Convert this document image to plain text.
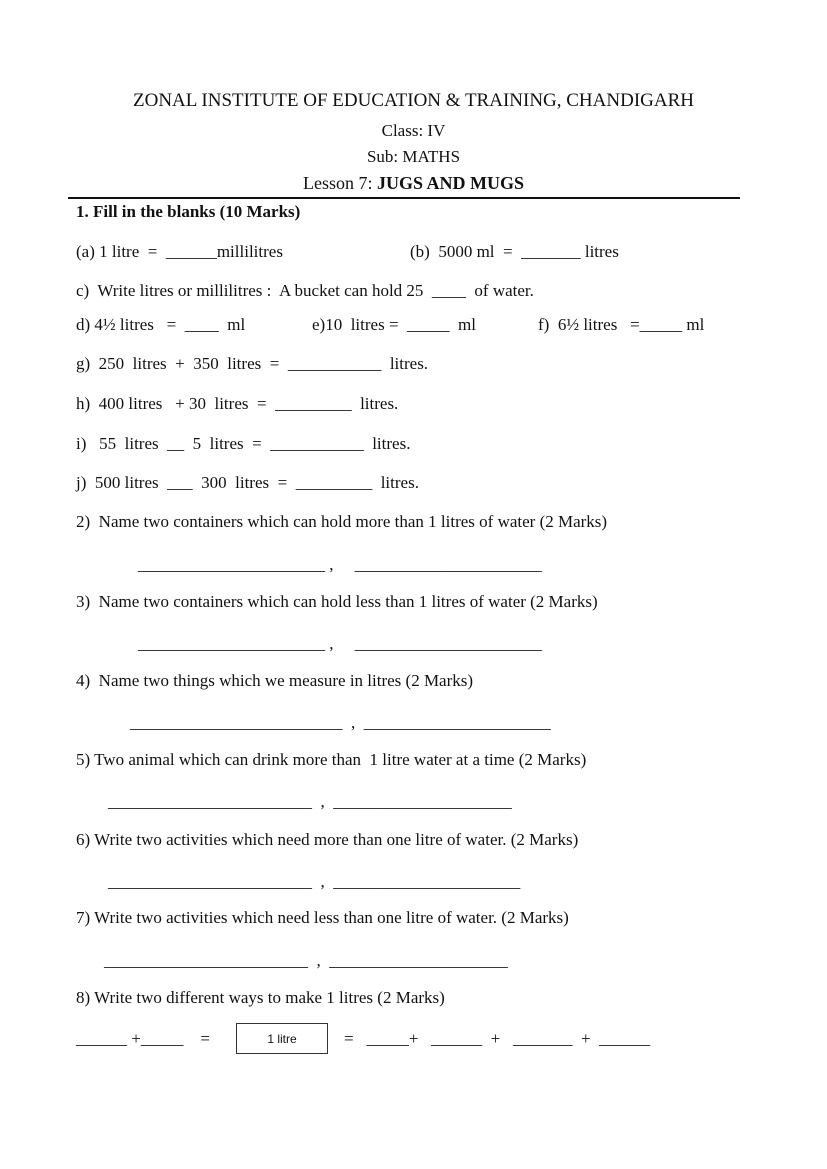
ZONAL INSTITUTE OF EDUCATION & TRAINING, CHANDIGARH
Class: IV
Sub: MATHS
Lesson 7: JUGS AND MUGS
1. Fill in the blanks (10 Marks)
(a) 1 litre  =  ______millilitres	(b)  5000 ml  =  _______ litres
c)  Write litres or millilitres :  A bucket can hold 25  ____  of water.
d) 4½ litres   =  ____  ml	e)10  litres =  _____  ml	f)  6½ litres   =_____ ml
g)  250  litres  +  350  litres  =  ___________  litres.
h)  400 litres   + 30  litres  =  _________  litres.
i)   55  litres  __  5  litres  =  ___________  litres.
j)  500 litres  ___  300  litres  =  _________  litres.
2)  Name two containers which can hold more than 1 litres of water (2 Marks)
______________________ ,     ______________________
3)  Name two containers which can hold less than 1 litres of water (2 Marks)
______________________ ,     ______________________
4)  Name two things which we measure in litres (2 Marks)
_________________________  ,  ______________________
5) Two animal which can drink more than  1 litre water at a time (2 Marks)
________________________  ,  _____________________
6) Write two activities which need more than one litre of water. (2 Marks)
________________________  ,  ______________________
7) Write two activities which need less than one litre of water. (2 Marks)
________________________  ,  _____________________
8) Write two different ways to make 1 litres (2 Marks)
______ +_____    =	1 litre	=   _____+   ______  +   _______  +  ______
